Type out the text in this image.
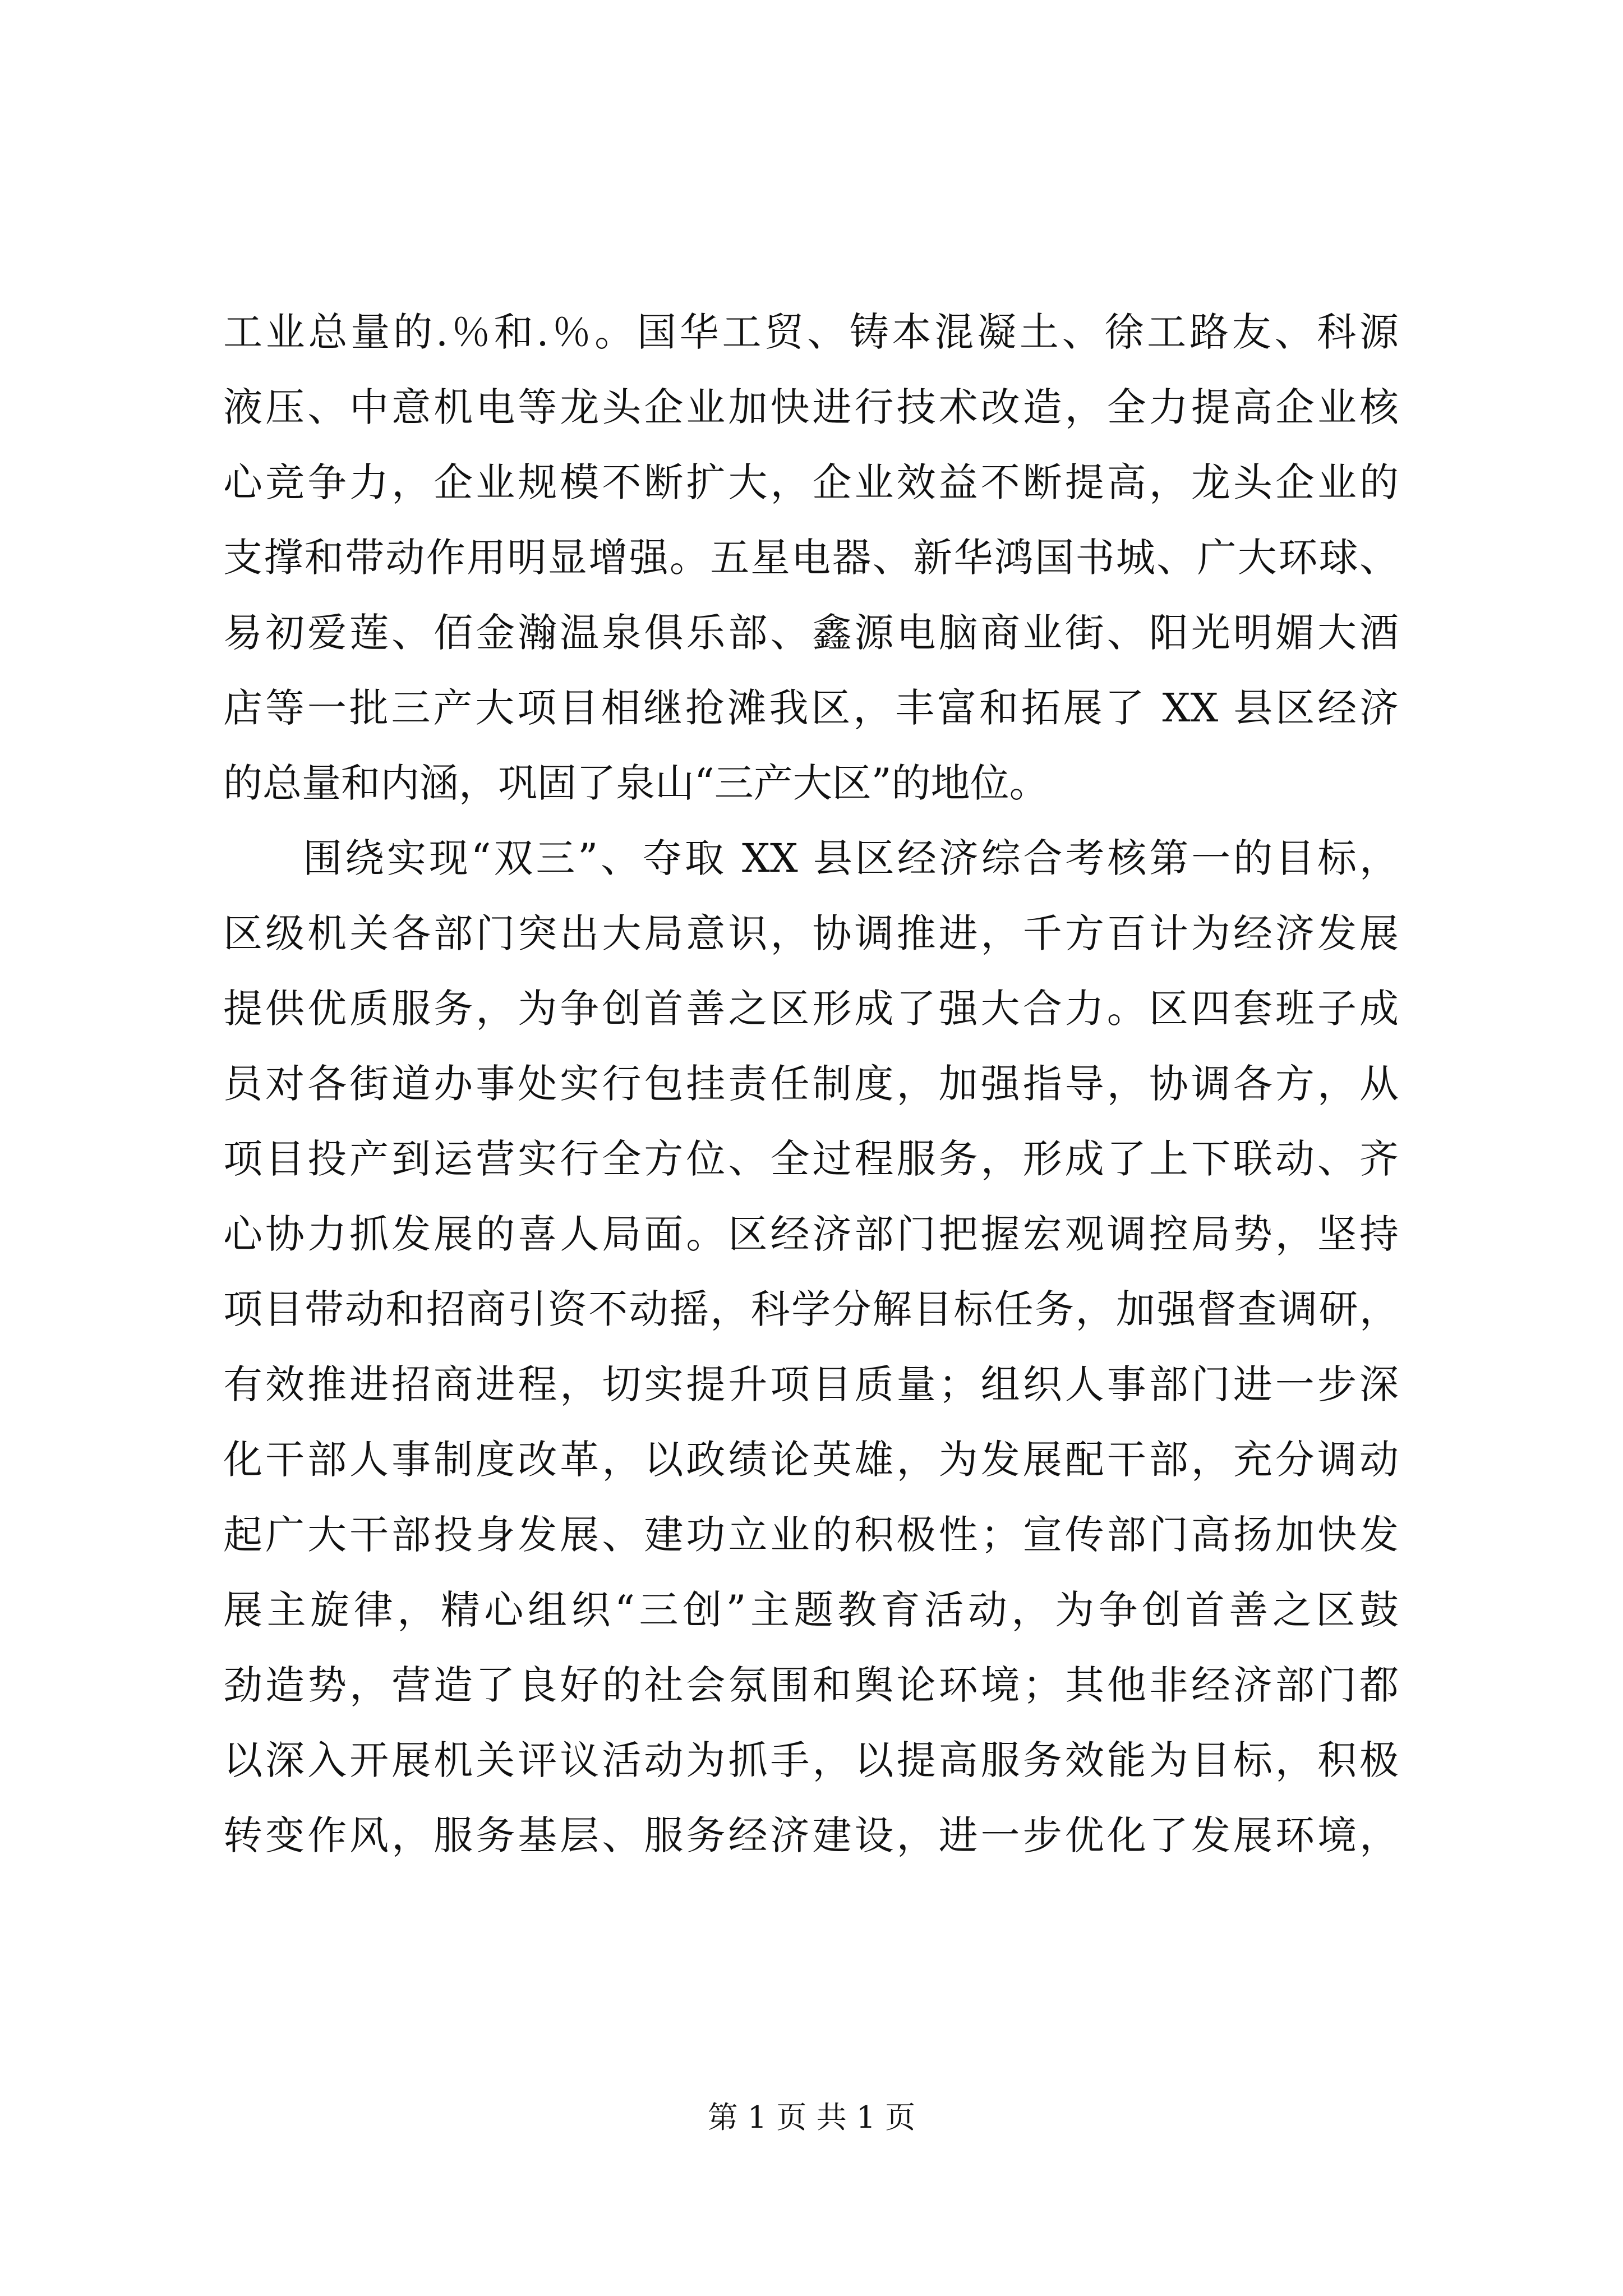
工业总量的.％和.％。国华工贸、铸本混凝土、徐工路友、科源
液压、中意机电等龙头企业加快进行技术改造，全力提高企业核
心竞争力，企业规模不断扩大，企业效益不断提高，龙头企业的
支撑和带动作用明显增强。五星电器、新华鸿国书城、广大环球、
易初爱莲、佰金瀚温泉俱乐部、鑫源电脑商业街、阳光明媚大酒
店等一批三产大项目相继抢滩我区，丰富和拓展了 XX 县区经济
的总量和内涵，巩固了泉山“三产大区”的地位。
围绕实现“双三”、夺取 XX 县区经济综合考核第一的目标，
区级机关各部门突出大局意识，协调推进，千方百计为经济发展
提供优质服务，为争创首善之区形成了强大合力。区四套班子成
员对各街道办事处实行包挂责任制度，加强指导，协调各方，从
项目投产到运营实行全方位、全过程服务，形成了上下联动、齐
心协力抓发展的喜人局面。区经济部门把握宏观调控局势，坚持
项目带动和招商引资不动摇，科学分解目标任务，加强督查调研，
有效推进招商进程，切实提升项目质量；组织人事部门进一步深
化干部人事制度改革，以政绩论英雄，为发展配干部，充分调动
起广大干部投身发展、建功立业的积极性；宣传部门高扬加快发
展主旋律，精心组织“三创”主题教育活动，为争创首善之区鼓
劲造势，营造了良好的社会氛围和舆论环境；其他非经济部门都
以深入开展机关评议活动为抓手，以提高服务效能为目标，积极
转变作风，服务基层、服务经济建设，进一步优化了发展环境，
第 1 页 共 1 页
